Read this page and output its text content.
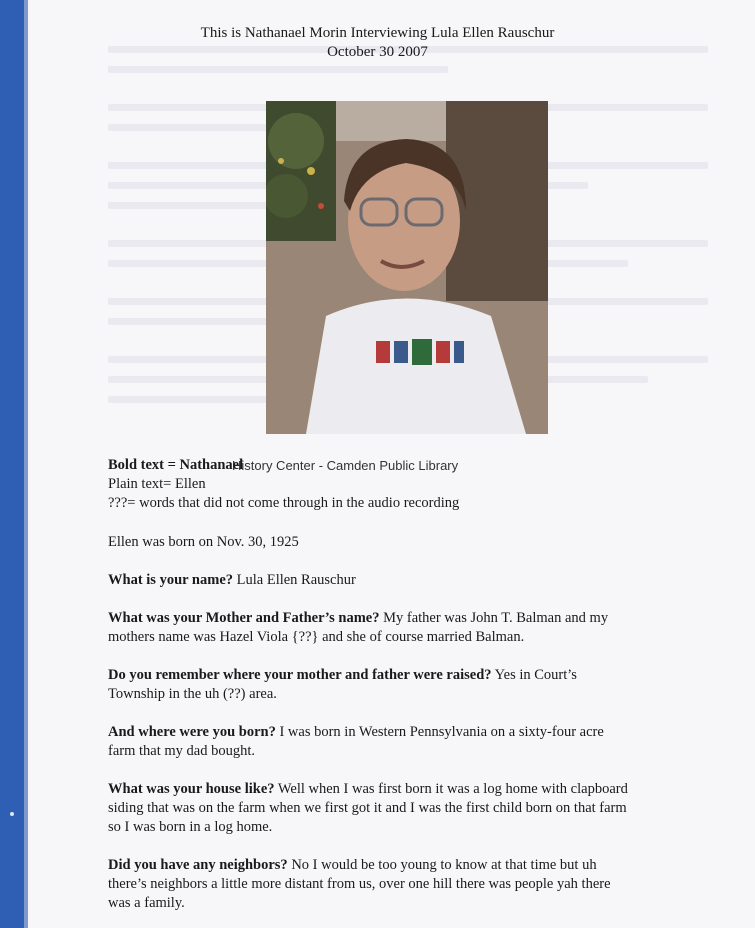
This is Nathanael Morin Interviewing Lula Ellen Rauschur
October 30 2007
History Center - Camden Public Library
Bold text = Nathanael
Plain text= Ellen
???= words that did not come through in the audio recording
Ellen was born on Nov. 30, 1925
What is your name? Lula Ellen Rauschur
What was your Mother and Father’s name? My father was John T. Balman and my
mothers name was Hazel Viola {??} and she of course married Balman.
Do you remember where your mother and father were raised? Yes in Court’s
Township in the uh (??) area.
And where were you born? I was born in Western Pennsylvania on a sixty-four acre
farm that my dad bought.
What was your house like? Well when I was first born it was a log home with clapboard
siding that was on the farm when we first got it and I was the first child born on that farm
so I was born in a log home.
Did you have any neighbors? No I would be too young to know at that time but uh
there’s neighbors a little more distant from us, over one hill there was people yah there
was a family.
